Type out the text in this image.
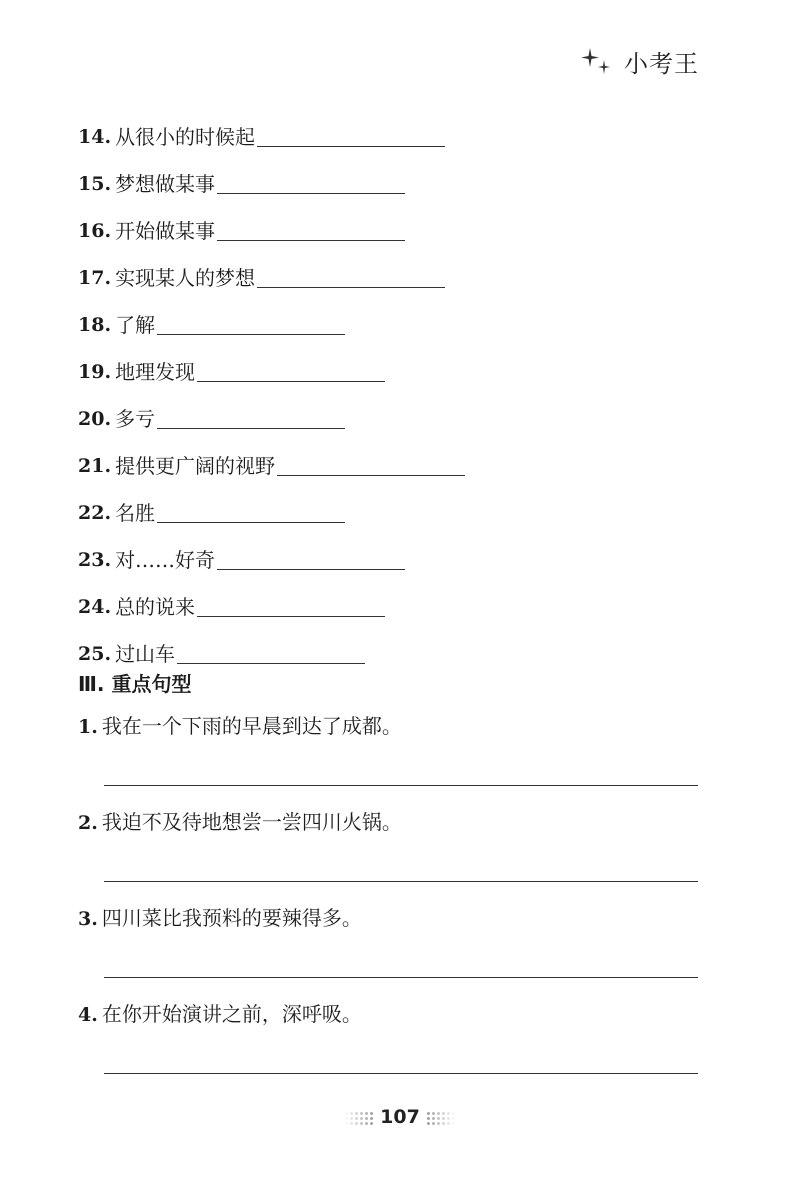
小考王
14. 从很小的时候起
15. 梦想做某事
16. 开始做某事
17. 实现某人的梦想
18. 了解
19. 地理发现
20. 多亏
21. 提供更广阔的视野
22. 名胜
23. 对……好奇
24. 总的说来
25. 过山车
Ⅲ. 重点句型
1. 我在一个下雨的早晨到达了成都。
2. 我迫不及待地想尝一尝四川火锅。
3. 四川菜比我预料的要辣得多。
4. 在你开始演讲之前，深呼吸。
107
